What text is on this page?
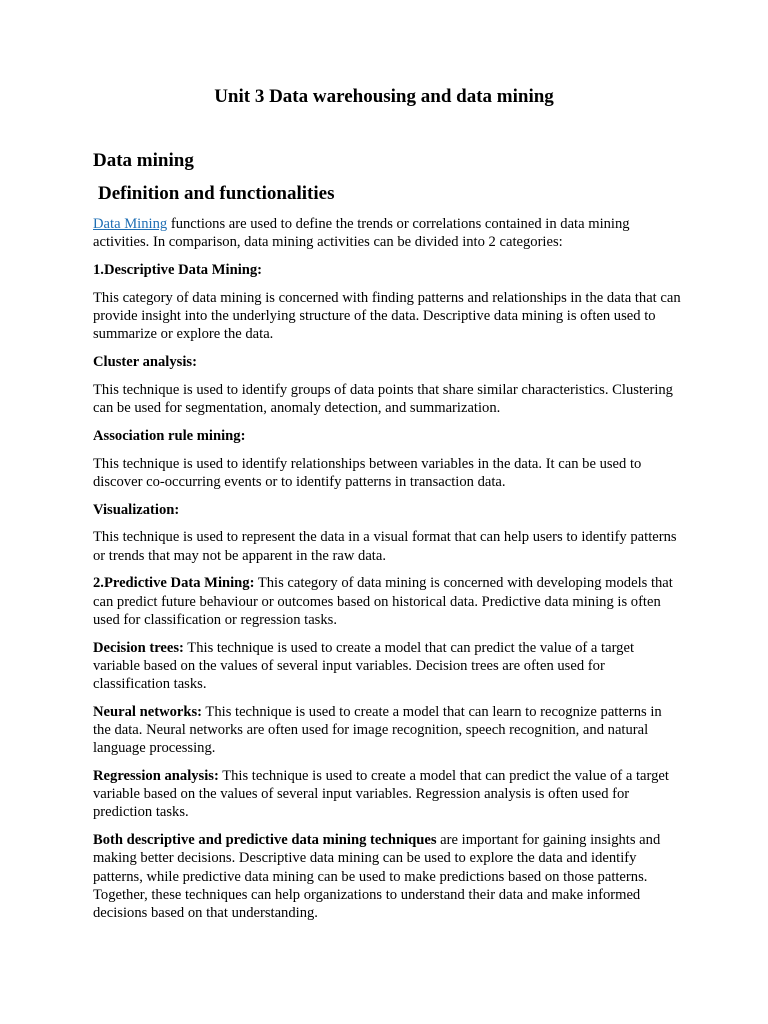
Unit 3 Data warehousing and data mining
Data mining
Definition and functionalities

Data Mining functions are used to define the trends or correlations contained in data mining activities. In comparison, data mining activities can be divided into 2 categories:

1.Descriptive Data Mining:

This category of data mining is concerned with finding patterns and relationships in the data that can provide insight into the underlying structure of the data. Descriptive data mining is often used to summarize or explore the data.

Cluster analysis:

This technique is used to identify groups of data points that share similar characteristics. Clustering can be used for segmentation, anomaly detection, and summarization.

Association rule mining:

This technique is used to identify relationships between variables in the data. It can be used to discover co-occurring events or to identify patterns in transaction data.

Visualization:

This technique is used to represent the data in a visual format that can help users to identify patterns or trends that may not be apparent in the raw data.

2.Predictive Data Mining: This category of data mining is concerned with developing models that can predict future behaviour or outcomes based on historical data. Predictive data mining is often used for classification or regression tasks.

Decision trees: This technique is used to create a model that can predict the value of a target variable based on the values of several input variables. Decision trees are often used for classification tasks.

Neural networks: This technique is used to create a model that can learn to recognize patterns in the data. Neural networks are often used for image recognition, speech recognition, and natural language processing.

Regression analysis: This technique is used to create a model that can predict the value of a target variable based on the values of several input variables. Regression analysis is often used for prediction tasks.

Both descriptive and predictive data mining techniques are important for gaining insights and making better decisions. Descriptive data mining can be used to explore the data and identify patterns, while predictive data mining can be used to make predictions based on those patterns. Together, these techniques can help organizations to understand their data and make informed decisions based on that understanding.
